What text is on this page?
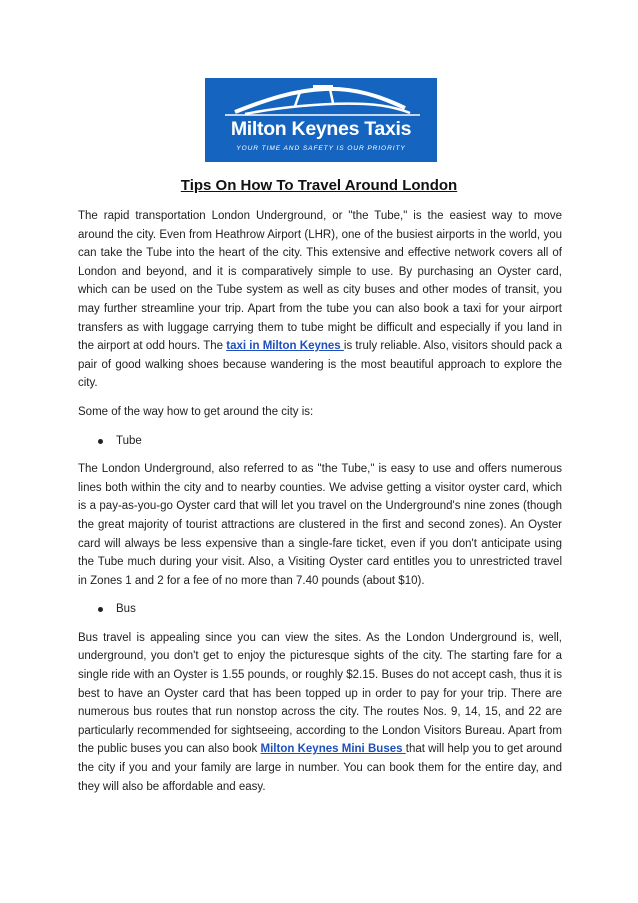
Milton Keynes Taxis
YOUR TIME AND SAFETY IS OUR PRIORITY
Tips On How To Travel Around London

The rapid transportation London Underground, or "the Tube," is the easiest way to move around the city. Even from Heathrow Airport (LHR), one of the busiest airports in the world, you can take the Tube into the heart of the city. This extensive and effective network covers all of London and beyond, and it is comparatively simple to use. By purchasing an Oyster card, which can be used on the Tube system as well as city buses and other modes of transit, you may further streamline your trip. Apart from the tube you can also book a taxi for your airport transfers as with luggage carrying them to tube might be difficult and especially if you land in the airport at odd hours. The taxi in Milton Keynes is truly reliable. Also, visitors should pack a pair of good walking shoes because wandering is the most beautiful approach to explore the city.

Some of the way how to get around the city is:

Tube

The London Underground, also referred to as "the Tube," is easy to use and offers numerous lines both within the city and to nearby counties. We advise getting a visitor oyster card, which is a pay-as-you-go Oyster card that will let you travel on the Underground's nine zones (though the great majority of tourist attractions are clustered in the first and second zones). An Oyster card will always be less expensive than a single-fare ticket, even if you don't anticipate using the Tube much during your visit. Also, a Visiting Oyster card entitles you to unrestricted travel in Zones 1 and 2 for a fee of no more than 7.40 pounds (about $10).

Bus

Bus travel is appealing since you can view the sites. As the London Underground is, well, underground, you don't get to enjoy the picturesque sights of the city. The starting fare for a single ride with an Oyster is 1.55 pounds, or roughly $2.15. Buses do not accept cash, thus it is best to have an Oyster card that has been topped up in order to pay for your trip. There are numerous bus routes that run nonstop across the city. The routes Nos. 9, 14, 15, and 22 are particularly recommended for sightseeing, according to the London Visitors Bureau. Apart from the public buses you can also book Milton Keynes Mini Buses that will help you to get around the city if you and your family are large in number. You can book them for the entire day, and they will also be affordable and easy.
